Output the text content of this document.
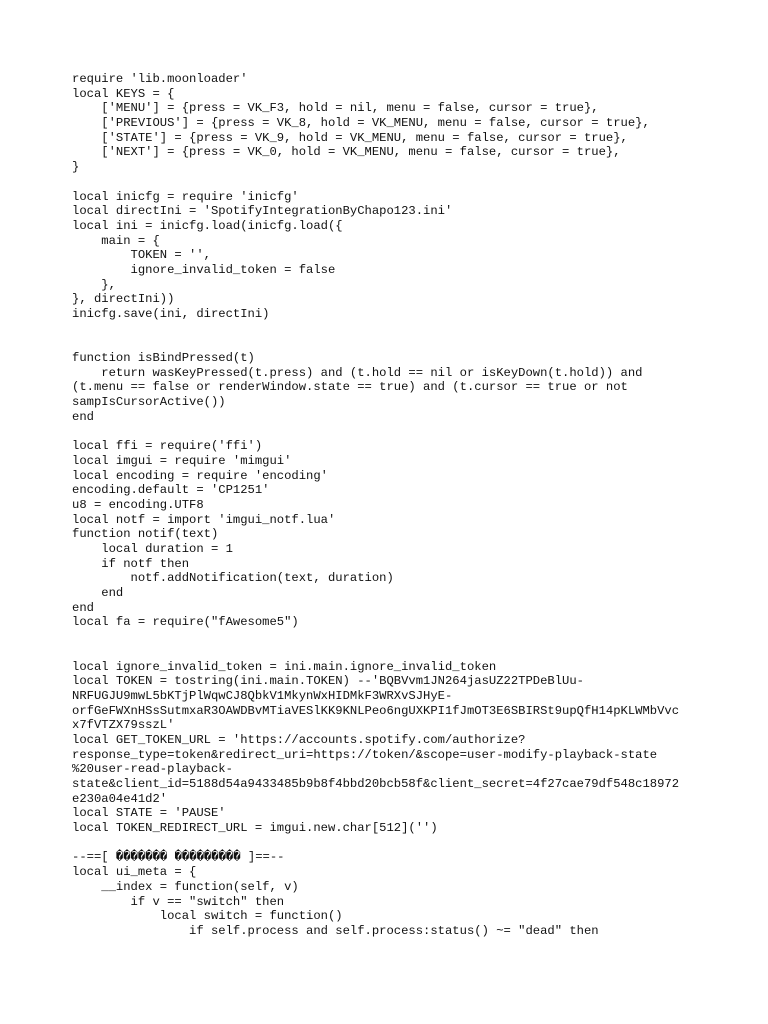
require 'lib.moonloader'
local KEYS = {
['MENU'] = {press = VK_F3, hold = nil, menu = false, cursor = true},
['PREVIOUS'] = {press = VK_8, hold = VK_MENU, menu = false, cursor = true},
['STATE'] = {press = VK_9, hold = VK_MENU, menu = false, cursor = true},
['NEXT'] = {press = VK_0, hold = VK_MENU, menu = false, cursor = true},
}
local inicfg = require 'inicfg'
local directIni = 'SpotifyIntegrationByChapo123.ini'
local ini = inicfg.load(inicfg.load({
main = {
TOKEN = '',
ignore_invalid_token = false
},
}, directIni))
inicfg.save(ini, directIni)
function isBindPressed(t)
return wasKeyPressed(t.press) and (t.hold == nil or isKeyDown(t.hold)) and
(t.menu == false or renderWindow.state == true) and (t.cursor == true or not
sampIsCursorActive())
end
local ffi = require('ffi')
local imgui = require 'mimgui'
local encoding = require 'encoding'
encoding.default = 'CP1251'
u8 = encoding.UTF8
local notf = import 'imgui_notf.lua'
function notif(text)
local duration = 1
if notf then
notf.addNotification(text, duration)
end
end
local fa = require("fAwesome5")
local ignore_invalid_token = ini.main.ignore_invalid_token
local TOKEN = tostring(ini.main.TOKEN) --'BQBVvm1JN264jasUZ22TPDeBlUu-
NRFUGJU9mwL5bKTjPlWqwCJ8QbkV1MkynWxHIDMkF3WRXvSJHyE-
orfGeFWXnHSsSutmxaR3OAWDBvMTiaVESlKK9KNLPeo6ngUXKPI1fJmOT3E6SBIRSt9upQfH14pKLWMbVvc
x7fVTZX79sszL'
local GET_TOKEN_URL = 'https://accounts.spotify.com/authorize?
response_type=token&redirect_uri=https://token/&scope=user-modify-playback-state
%20user-read-playback-
state&client_id=5188d54a9433485b9b8f4bbd20bcb58f&client_secret=4f27cae79df548c18972
e230a04e41d2'
local STATE = 'PAUSE'
local TOKEN_REDIRECT_URL = imgui.new.char[512]('')
--==[ ������� ��������� ]==--
local ui_meta = {
__index = function(self, v)
if v == "switch" then
local switch = function()
if self.process and self.process:status() ~= "dead" then
